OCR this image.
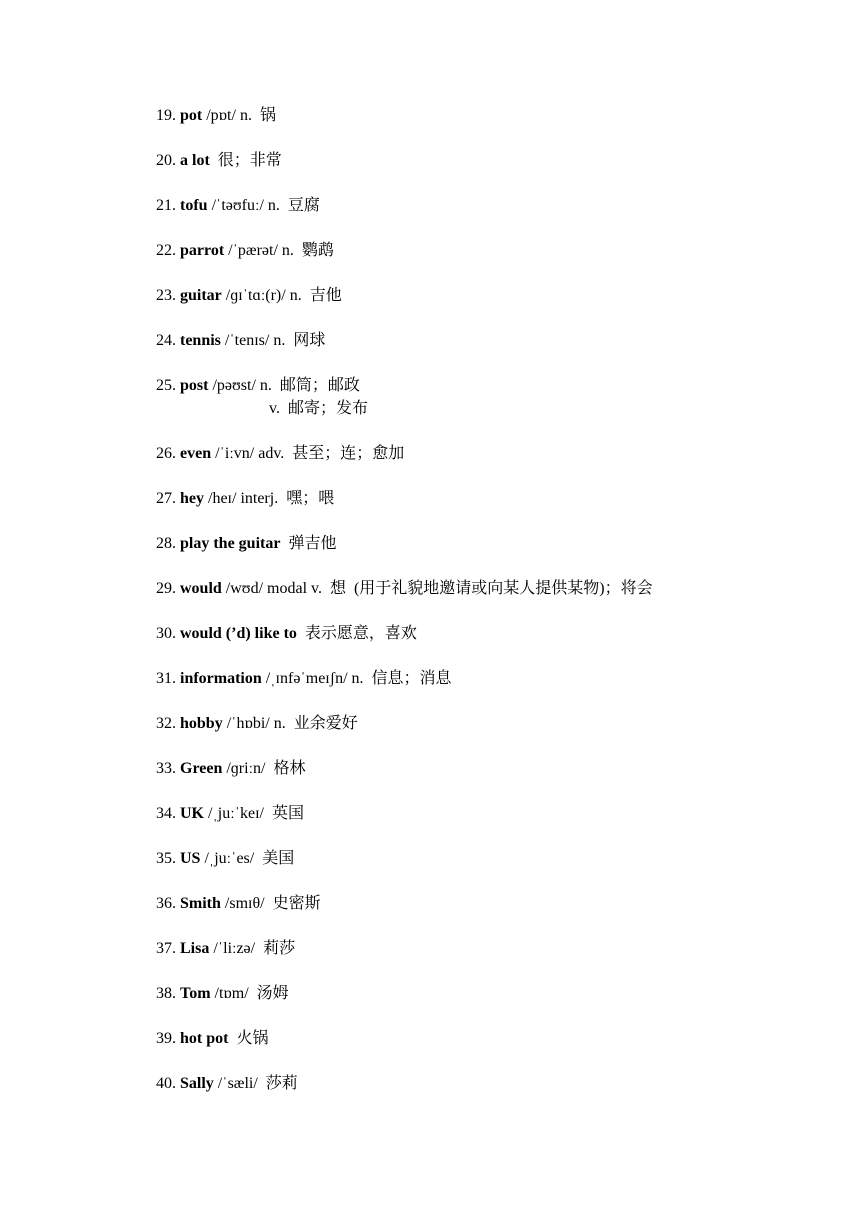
19. pot /pɒt/ n.  锅
20. a lot  很；非常
21. tofu /ˈtəʊfuː/ n.  豆腐
22. parrot /ˈpærət/ n.  鹦鹉
23. guitar /ɡɪˈtɑː(r)/ n.  吉他
24. tennis /ˈtenɪs/ n.  网球
25. post /pəʊst/ n.  邮筒；邮政
v.  邮寄；发布
26. even /ˈiːvn/ adv.  甚至；连；愈加
27. hey /heɪ/ interj.  嘿；喂
28. play the guitar  弹吉他
29. would /wʊd/ modal v.  想  (用于礼貌地邀请或向某人提供某物)；将会
30. would (’d) like to  表示愿意，喜欢
31. information /ˌɪnfəˈmeɪʃn/ n.  信息；消息
32. hobby /ˈhɒbi/ n.  业余爱好
33. Green /ɡriːn/  格林
34. UK /ˌjuːˈkeɪ/  英国
35. US /ˌjuːˈes/  美国
36. Smith /smɪθ/  史密斯
37. Lisa /ˈliːzə/  莉莎
38. Tom /tɒm/  汤姆
39. hot pot  火锅
40. Sally /ˈsæli/  莎莉
